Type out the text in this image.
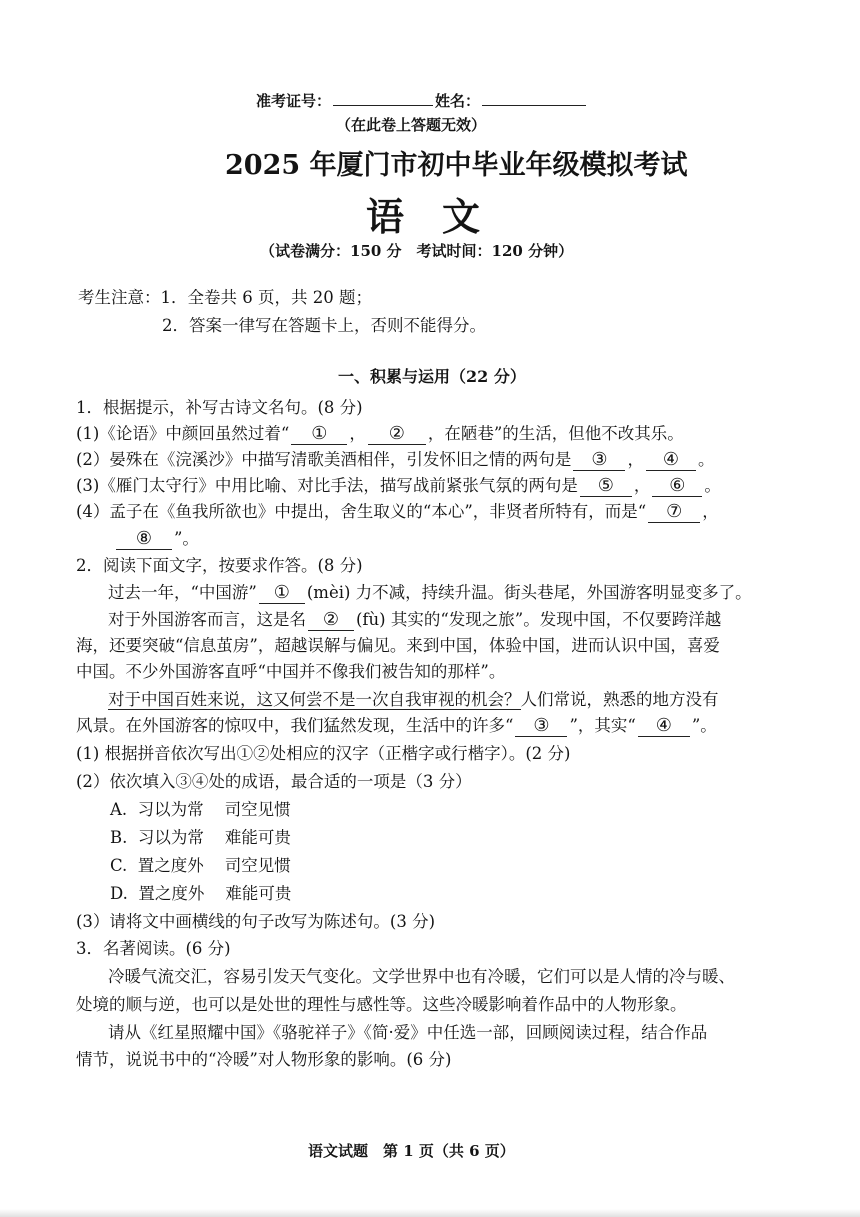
准考证号：	姓名：
（在此卷上答题无效）
2025 年厦门市初中毕业年级模拟考试
语　文
（试卷满分：150 分　考试时间：120 分钟）
考生注意：1．全卷共 6 页，共 20 题；
2．答案一律写在答题卡上，否则不能得分。
一、积累与运用（22 分）
1．根据提示，补写古诗文名句。(8 分)
(1)《论语》中颜回虽然过着“ ① ， ② ，在陋巷”的生活，但他不改其乐。
(2）晏殊在《浣溪沙》中描写清歌美酒相伴，引发怀旧之情的两句是 ③ ， ④ 。
(3)《雁门太守行》中用比喻、对比手法，描写战前紧张气氛的两句是 ⑤ ， ⑥ 。
(4）孟子在《鱼我所欲也》中提出，舍生取义的“本心”，非贤者所特有，而是“ ⑦ ，
⑧ ”。
2．阅读下面文字，按要求作答。(8 分)
过去一年，“中国游” ① (mèi) 力不减，持续升温。街头巷尾，外国游客明显变多了。
对于外国游客而言，这是名 ② (fù) 其实的“发现之旅”。发现中国，不仅要跨洋越
海，还要突破“信息茧房”，超越误解与偏见。来到中国，体验中国，进而认识中国，喜爱
中国。不少外国游客直呼“中国并不像我们被告知的那样”。
对于中国百姓来说，这又何尝不是一次自我审视的机会？人们常说，熟悉的地方没有
风景。在外国游客的惊叹中，我们猛然发现，生活中的许多“ ③ ”，其实“ ④ ”。
(1) 根据拼音依次写出①②处相应的汉字（正楷字或行楷字）。(2 分)
(2）依次填入③④处的成语，最合适的一项是（3 分）
A. 习以为常 司空见惯
B. 习以为常 难能可贵
C. 置之度外 司空见惯
D. 置之度外 难能可贵
(3）请将文中画横线的句子改写为陈述句。(3 分)
3．名著阅读。(6 分)
冷暖气流交汇，容易引发天气变化。文学世界中也有冷暖，它们可以是人情的冷与暖、
处境的顺与逆，也可以是处世的理性与感性等。这些冷暖影响着作品中的人物形象。
请从《红星照耀中国》《骆驼祥子》《简·爱》中任选一部，回顾阅读过程，结合作品
情节，说说书中的“冷暖”对人物形象的影响。(6 分)
语文试题　第 1 页（共 6 页）
